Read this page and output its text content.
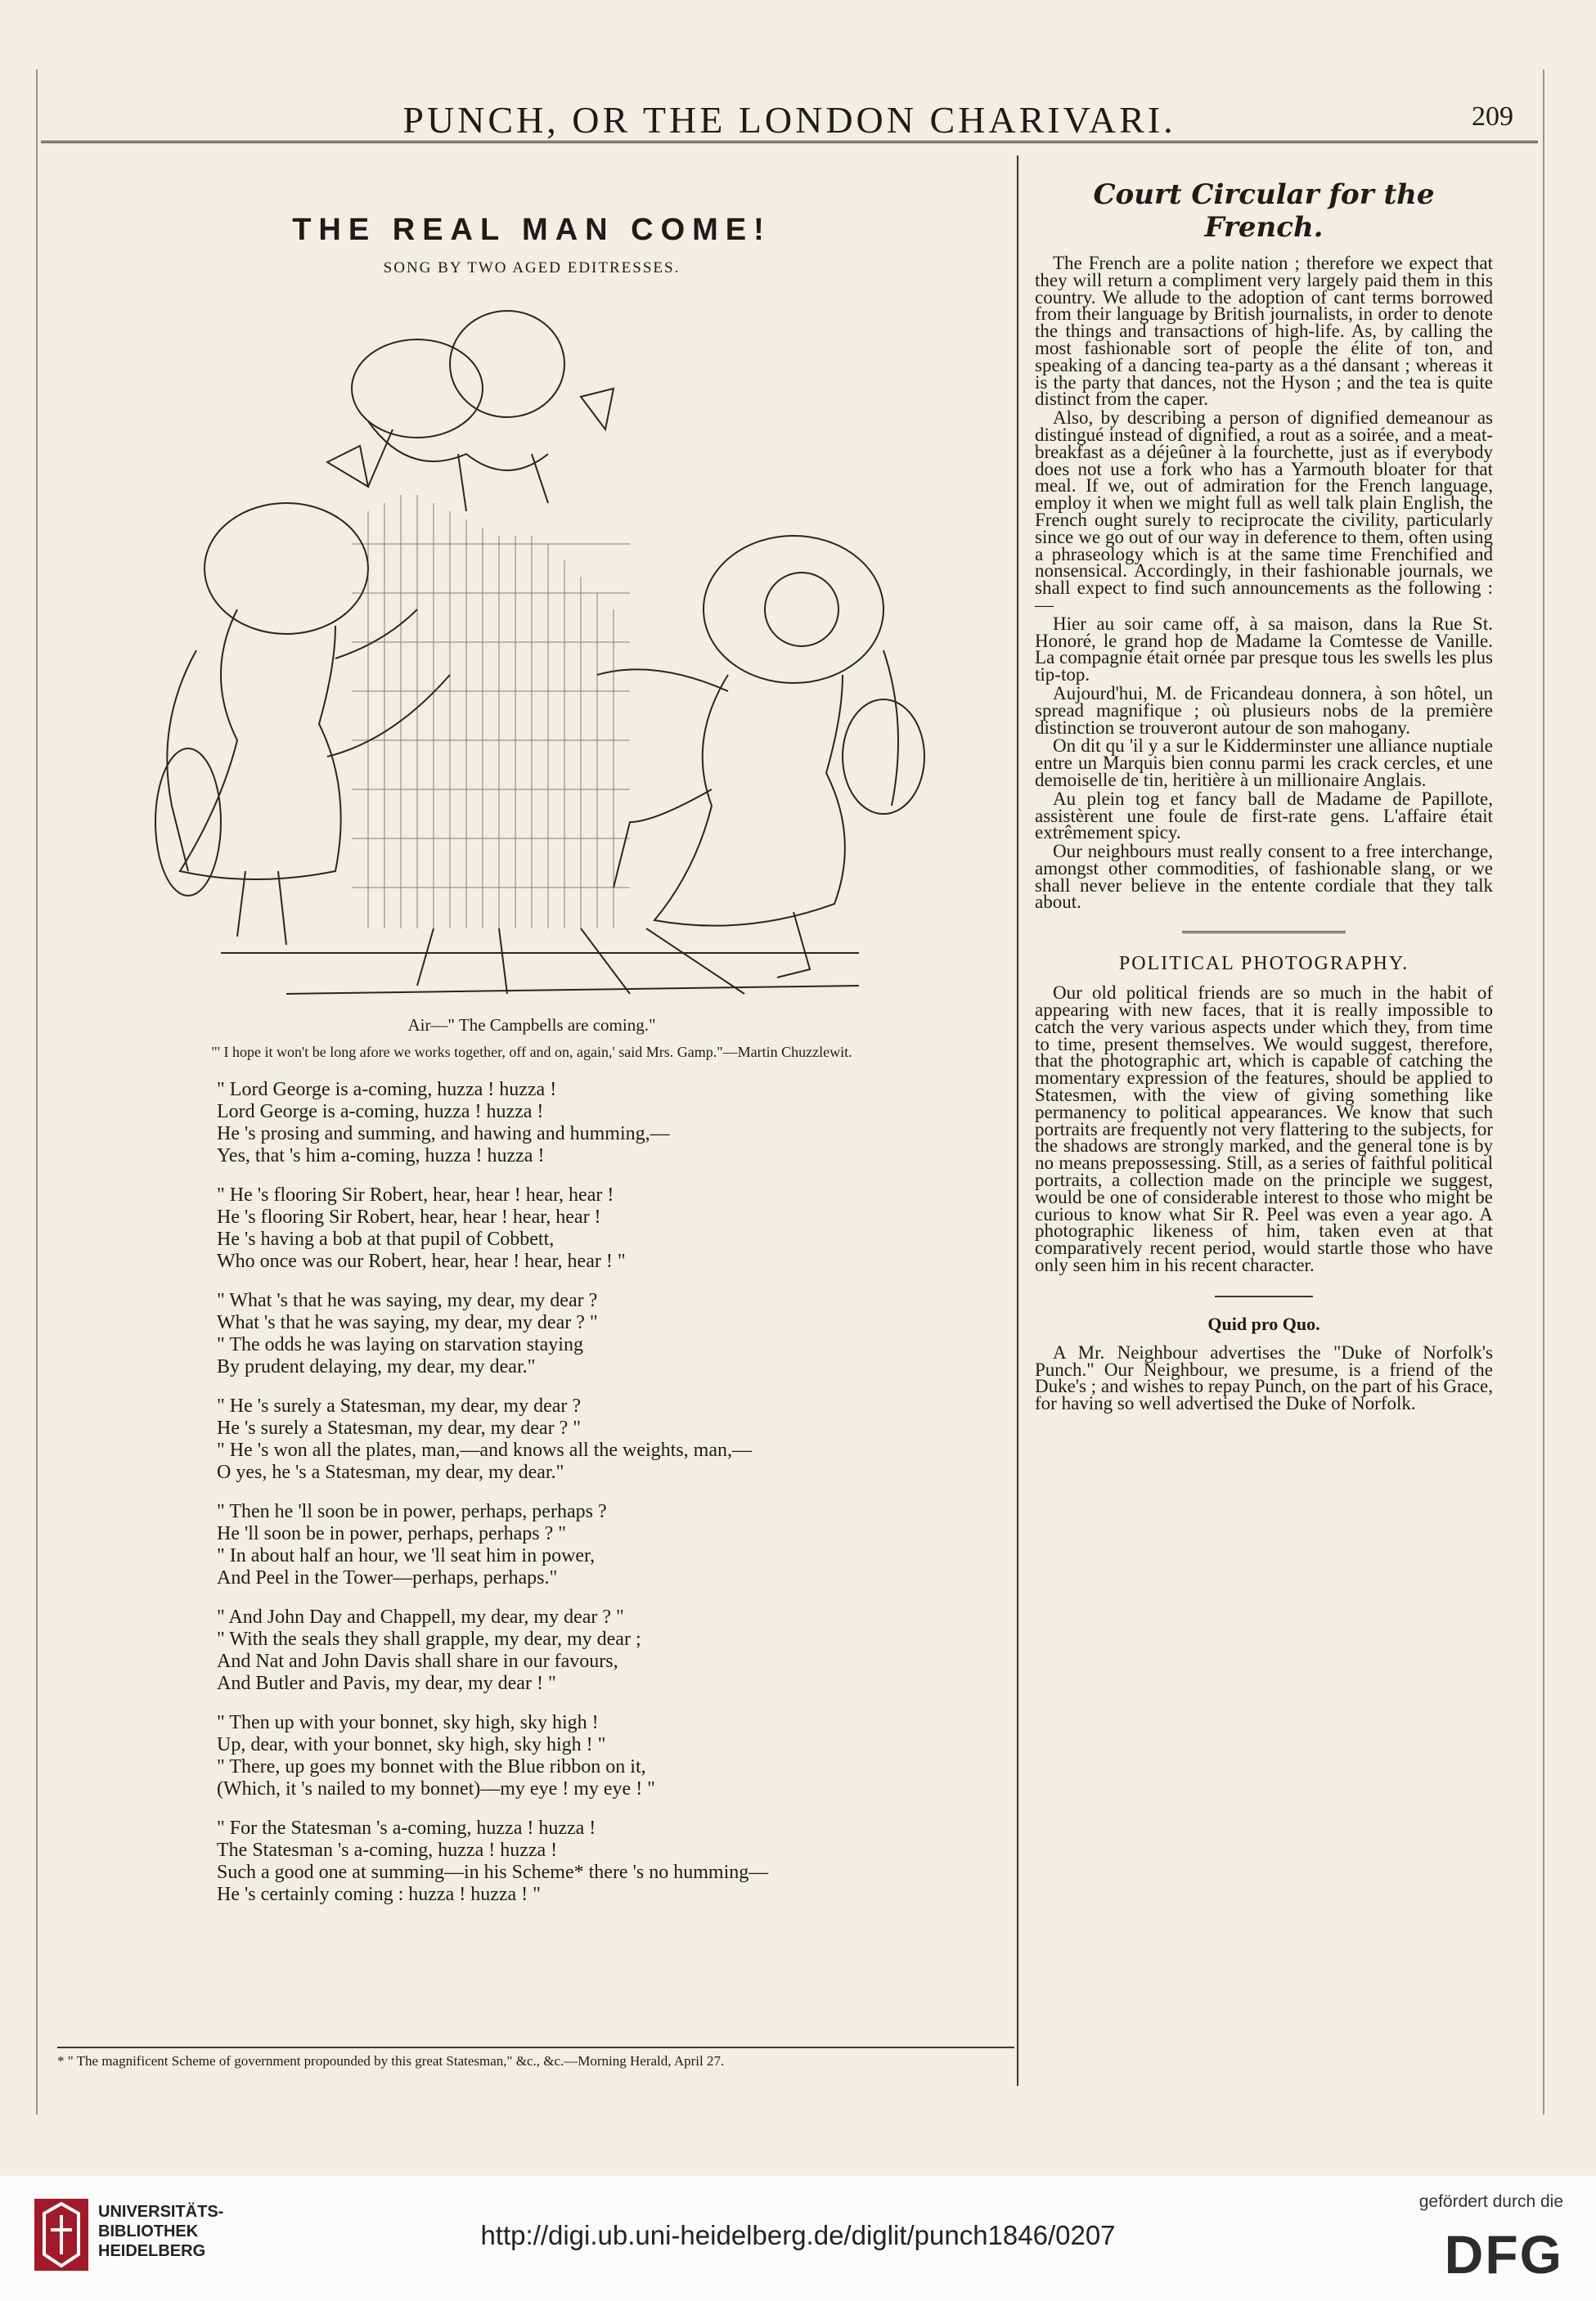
PUNCH, OR THE LONDON CHARIVARI.	209
THE REAL MAN COME!
SONG BY TWO AGED EDITRESSES.
Air—" The Campbells are coming."
"' I hope it won't be long afore we works together, off and on, again,' said Mrs. Gamp."—Martin Chuzzlewit.
" Lord George is a-coming, huzza ! huzza !
Lord George is a-coming, huzza ! huzza !
He 's prosing and summing, and hawing and humming,—
Yes, that 's him a-coming, huzza ! huzza !
" He 's flooring Sir Robert, hear, hear ! hear, hear !
He 's flooring Sir Robert, hear, hear ! hear, hear !
He 's having a bob at that pupil of Cobbett,
Who once was our Robert, hear, hear ! hear, hear ! "
" What 's that he was saying, my dear, my dear ?
What 's that he was saying, my dear, my dear ? "
" The odds he was laying on starvation staying
By prudent delaying, my dear, my dear."
" He 's surely a Statesman, my dear, my dear ?
He 's surely a Statesman, my dear, my dear ? "
" He 's won all the plates, man,—and knows all the weights, man,—
O yes, he 's a Statesman, my dear, my dear."
" Then he 'll soon be in power, perhaps, perhaps ?
He 'll soon be in power, perhaps, perhaps ? "
" In about half an hour, we 'll seat him in power,
And Peel in the Tower—perhaps, perhaps."
" And John Day and Chappell, my dear, my dear ? "
" With the seals they shall grapple, my dear, my dear ;
And Nat and John Davis shall share in our favours,
And Butler and Pavis, my dear, my dear ! "
" Then up with your bonnet, sky high, sky high !
Up, dear, with your bonnet, sky high, sky high ! "
" There, up goes my bonnet with the Blue ribbon on it,
(Which, it 's nailed to my bonnet)—my eye ! my eye ! "
" For the Statesman 's a-coming, huzza ! huzza !
The Statesman 's a-coming, huzza ! huzza !
Such a good one at summing—in his Scheme* there 's no humming—
He 's certainly coming : huzza ! huzza ! "
* " The magnificent Scheme of government propounded by this great Statesman," &c., &c.—Morning Herald, April 27.
Court Circular for the French.

The French are a polite nation ; therefore we expect that they will return a compliment very largely paid them in this country. We allude to the adoption of cant terms borrowed from their language by British journalists, in order to denote the things and transactions of high-life. As, by calling the most fashionable sort of people the élite of ton, and speaking of a dancing tea-party as a thé dansant ; whereas it is the party that dances, not the Hyson ; and the tea is quite distinct from the caper.

Also, by describing a person of dignified demeanour as distingué instead of dignified, a rout as a soirée, and a meat-breakfast as a déjeûner à la fourchette, just as if everybody does not use a fork who has a Yarmouth bloater for that meal. If we, out of admiration for the French language, employ it when we might full as well talk plain English, the French ought surely to reciprocate the civility, particularly since we go out of our way in deference to them, often using a phraseology which is at the same time Frenchified and nonsensical. Accordingly, in their fashionable journals, we shall expect to find such announcements as the following :—

Hier au soir came off, à sa maison, dans la Rue St. Honoré, le grand hop de Madame la Comtesse de Vanille. La compagnie était ornée par presque tous les swells les plus tip-top.

Aujourd'hui, M. de Fricandeau donnera, à son hôtel, un spread magnifique ; où plusieurs nobs de la première distinction se trouveront autour de son mahogany.

On dit qu 'il y a sur le Kidderminster une alliance nuptiale entre un Marquis bien connu parmi les crack cercles, et une demoiselle de tin, heritière à un millionaire Anglais.

Au plein tog et fancy ball de Madame de Papillote, assistèrent une foule de first-rate gens. L'affaire était extrêmement spicy.

Our neighbours must really consent to a free interchange, amongst other commodities, of fashionable slang, or we shall never believe in the entente cordiale that they talk about.

POLITICAL PHOTOGRAPHY.

Our old political friends are so much in the habit of appearing with new faces, that it is really impossible to catch the very various aspects under which they, from time to time, present themselves. We would suggest, therefore, that the photographic art, which is capable of catching the momentary expression of the features, should be applied to Statesmen, with the view of giving something like permanency to political appearances. We know that such portraits are frequently not very flattering to the subjects, for the shadows are strongly marked, and the general tone is by no means prepossessing. Still, as a series of faithful political portraits, a collection made on the principle we suggest, would be one of considerable interest to those who might be curious to know what Sir R. Peel was even a year ago. A photographic likeness of him, taken even at that comparatively recent period, would startle those who have only seen him in his recent character.

Quid pro Quo.

A Mr. Neighbour advertises the "Duke of Norfolk's Punch." Our Neighbour, we presume, is a friend of the Duke's ; and wishes to repay Punch, on the part of his Grace, for having so well advertised the Duke of Norfolk.

UNIVERSITÄTS-
BIBLIOTHEK
HEIDELBERG
http://digi.ub.uni-heidelberg.de/diglit/punch1846/0207
gefördert durch die
DFG
